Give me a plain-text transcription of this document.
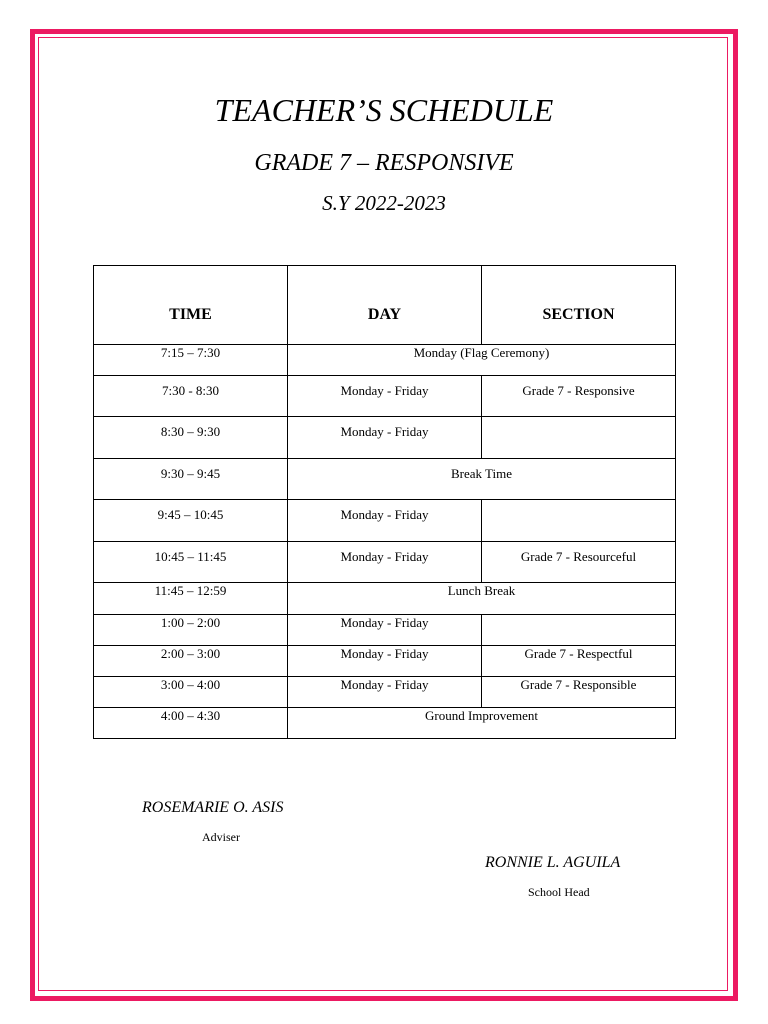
TEACHER’S SCHEDULE
GRADE 7 – RESPONSIVE
S.Y 2022-2023
TIME	DAY	SECTION
7:15 – 7:30	Monday (Flag Ceremony)	
7:30 - 8:30	Monday - Friday	Grade 7 - Responsive
8:30 – 9:30	Monday - Friday	
9:30 – 9:45	Break Time	
9:45 – 10:45	Monday - Friday	
10:45 – 11:45	Monday - Friday	Grade 7 - Resourceful
11:45 – 12:59	Lunch Break	
1:00 – 2:00	Monday - Friday	
2:00 – 3:00	Monday - Friday	Grade 7 - Respectful
3:00 – 4:00	Monday - Friday	Grade 7 - Responsible
4:00 – 4:30	Ground Improvement	
ROSEMARIE O. ASIS
Adviser
RONNIE L. AGUILA
School Head
